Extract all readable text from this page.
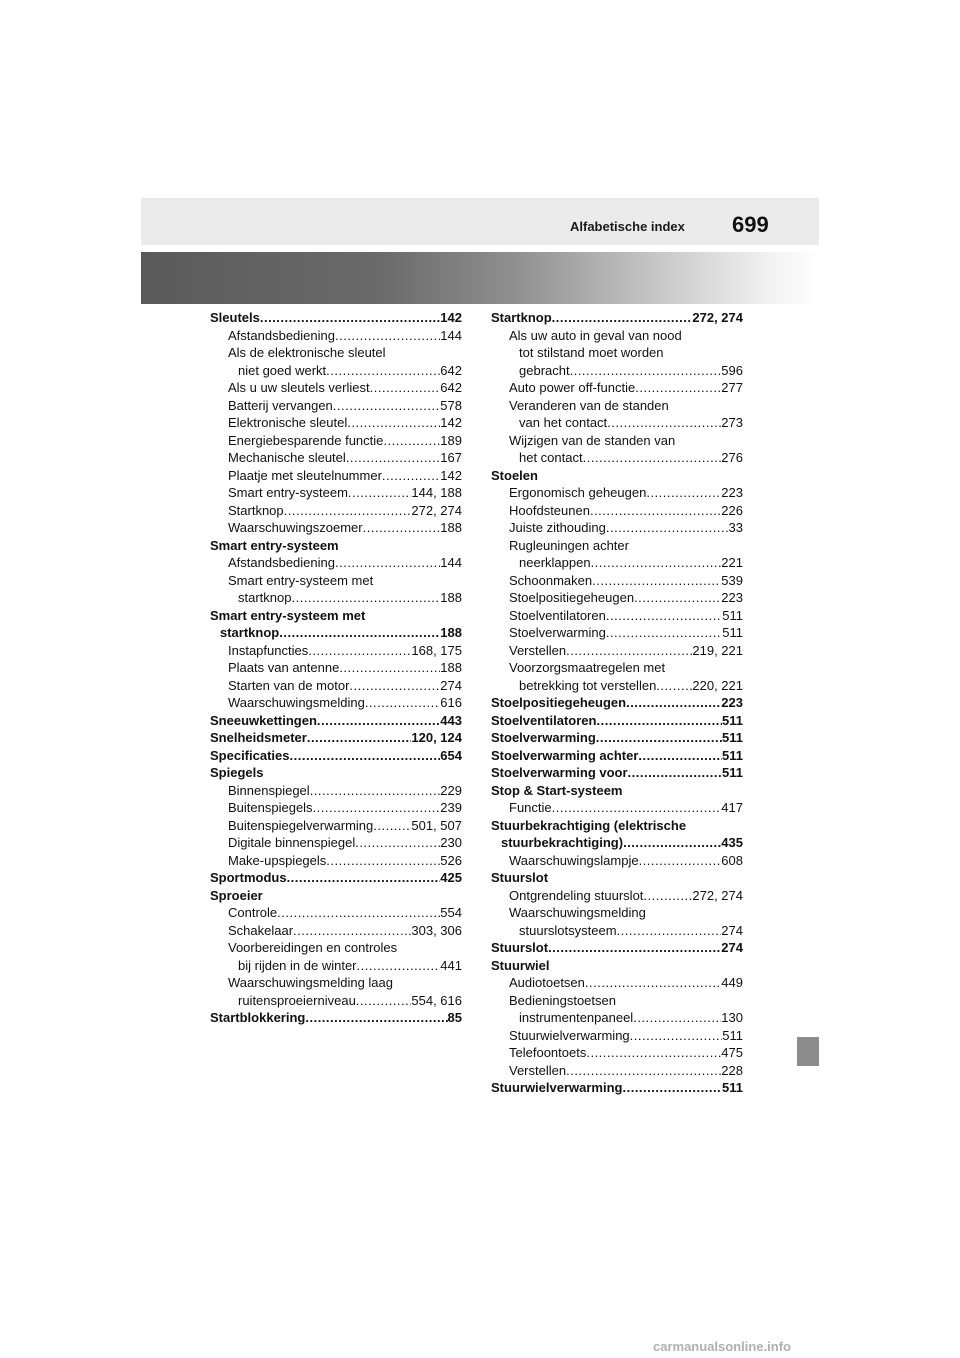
Alfabetische index 699
Sleutels .....	142
Afstandsbediening .....	144
Als de elektronische sleutel
niet goed werkt .....	642
Als u uw sleutels verliest .....	642
Batterij vervangen .....	578
Elektronische sleutel .....	142
Energiebesparende functie .....	189
Mechanische sleutel .....	167
Plaatje met sleutelnummer .....	142
Smart entry-systeem .....	144, 188
Startknop .....	272, 274
Waarschuwingszoemer .....	188
Smart entry-systeem
Afstandsbediening .....	144
Smart entry-systeem met
startknop .....	188
Smart entry-systeem met
startknop .....	188
Instapfuncties .....	168, 175
Plaats van antenne .....	188
Starten van de motor .....	274
Waarschuwingsmelding .....	616
Sneeuwkettingen .....	443
Snelheidsmeter .....	120, 124
Specificaties .....	654
Spiegels
Binnenspiegel .....	229
Buitenspiegels .....	239
Buitenspiegelverwarming .....	501, 507
Digitale binnenspiegel .....	230
Make-upspiegels .....	526
Sportmodus .....	425
Sproeier
Controle .....	554
Schakelaar .....	303, 306
Voorbereidingen en controles
bij rijden in de winter .....	441
Waarschuwingsmelding laag
ruitensproeierniveau .....	554, 616
Startblokkering .....	85
Startknop .....	272, 274
Als uw auto in geval van nood
tot stilstand moet worden
gebracht .....	596
Auto power off-functie .....	277
Veranderen van de standen
van het contact .....	273
Wijzigen van de standen van
het contact .....	276
Stoelen
Ergonomisch geheugen .....	223
Hoofdsteunen .....	226
Juiste zithouding .....	33
Rugleuningen achter
neerklappen .....	221
Schoonmaken .....	539
Stoelpositiegeheugen .....	223
Stoelventilatoren .....	511
Stoelverwarming .....	511
Verstellen .....	219, 221
Voorzorgsmaatregelen met
betrekking tot verstellen .....	220, 221
Stoelpositiegeheugen .....	223
Stoelventilatoren .....	511
Stoelverwarming .....	511
Stoelverwarming achter .....	511
Stoelverwarming voor .....	511
Stop & Start-systeem
Functie .....	417
Stuurbekrachtiging (elektrische
stuurbekrachtiging) .....	435
Waarschuwingslampje .....	608
Stuurslot
Ontgrendeling stuurslot .....	272, 274
Waarschuwingsmelding
stuurslotsysteem .....	274
Stuurslot .....	274
Stuurwiel
Audiotoetsen .....	449
Bedieningstoetsen
instrumentenpaneel .....	130
Stuurwielverwarming .....	511
Telefoontoets .....	475
Verstellen .....	228
Stuurwielverwarming .....	511
carmanualsonline.info
